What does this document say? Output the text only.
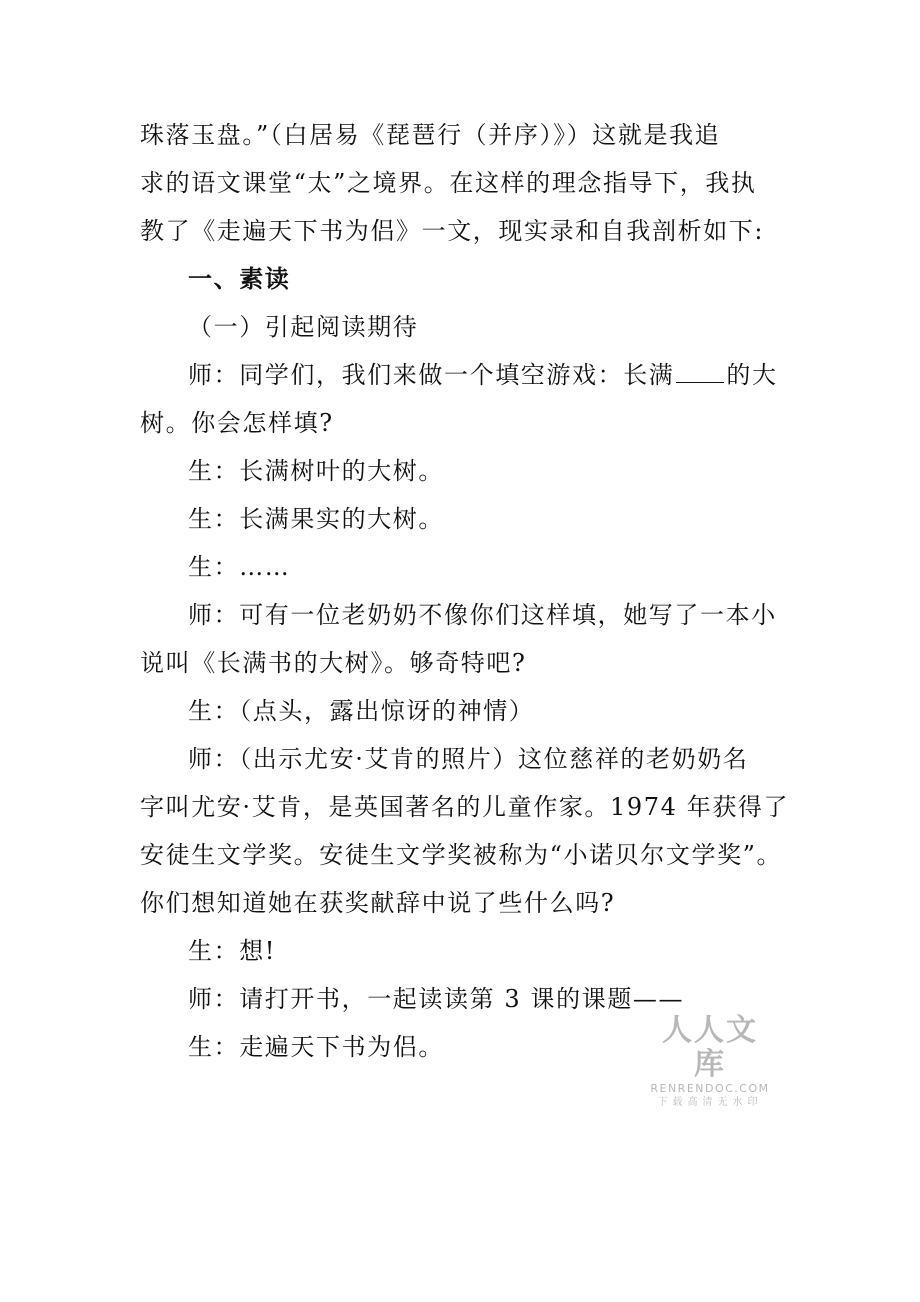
珠落玉盘。”（白居易《琵琶行（并序）》）这就是我追
求的语文课堂“太”之境界。在这样的理念指导下，我执
教了《走遍天下书为侣》一文，现实录和自我剖析如下:
一、素读
（一）引起阅读期待
师：同学们，我们来做一个填空游戏：长满 的大
树。你会怎样填?
生：长满树叶的大树。
生：长满果实的大树。
生：……
师：可有一位老奶奶不像你们这样填，她写了一本小
说叫《长满书的大树》。够奇特吧?
生：（点头，露出惊讶的神情）
师：（出示尤安·艾肯的照片）这位慈祥的老奶奶名
字叫尤安·艾肯，是英国著名的儿童作家。1974 年获得了
安徒生文学奖。安徒生文学奖被称为“小诺贝尔文学奖”。
你们想知道她在获奖献辞中说了些什么吗?
生：想!
师：请打开书，一起读读第 3 课的课题——
生：走遍天下书为侣。	人人文库
RENRENDOC.COM
下载高清无水印
